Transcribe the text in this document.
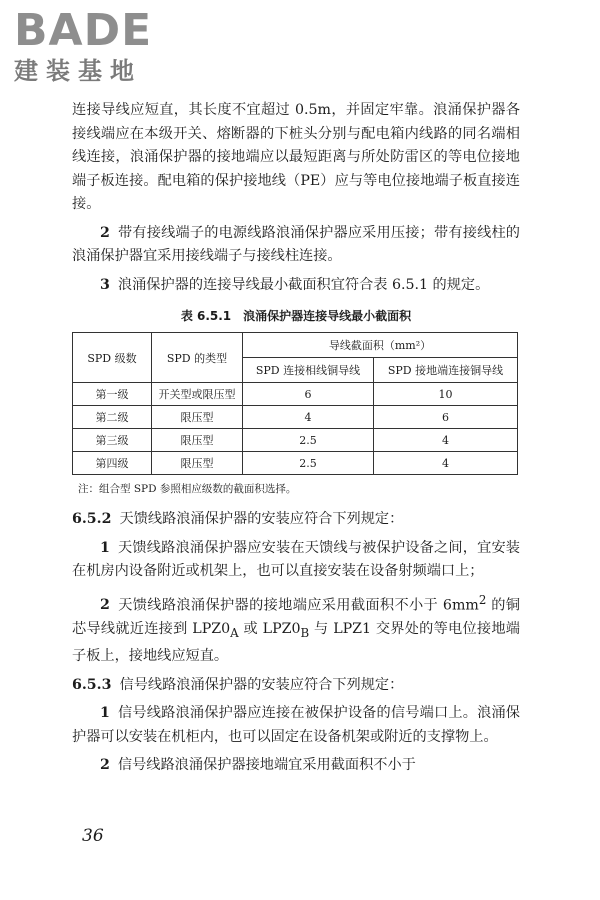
BADE
建装基地

连接导线应短直，其长度不宜超过 0.5m，并固定牢靠。浪涌保护器各接线端应在本级开关、熔断器的下桩头分别与配电箱内线路的同名端相线连接，浪涌保护器的接地端应以最短距离与所处防雷区的等电位接地端子板连接。配电箱的保护接地线（PE）应与等电位接地端子板直接连接。

2 带有接线端子的电源线路浪涌保护器应采用压接；带有接线柱的浪涌保护器宜采用接线端子与接线柱连接。

3 浪涌保护器的连接导线最小截面积宜符合表 6.5.1 的规定。

表 6.5.1　浪涌保护器连接导线最小截面积
SPD 级数	SPD 的类型	导线截面积（mm²）	
		SPD 连接相线铜导线	SPD 接地端连接铜导线
第一级	开关型或限压型	6	10
第二级	限压型	4	6
第三级	限压型	2.5	4
第四级	限压型	2.5	4
注：组合型 SPD 参照相应级数的截面积选择。

6.5.2 天馈线路浪涌保护器的安装应符合下列规定：

1 天馈线路浪涌保护器应安装在天馈线与被保护设备之间，宜安装在机房内设备附近或机架上，也可以直接安装在设备射频端口上；

2 天馈线路浪涌保护器的接地端应采用截面积不小于 $6mm^2$ 的铜芯导线就近连接到 $LPZ0_A$ 或 $LPZ0_B$ 与 LPZ1 交界处的等电位接地端子板上，接地线应短直。

6.5.3 信号线路浪涌保护器的安装应符合下列规定：

1 信号线路浪涌保护器应连接在被保护设备的信号端口上。浪涌保护器可以安装在机柜内，也可以固定在设备机架或附近的支撑物上。

2 信号线路浪涌保护器接地端宜采用截面积不小于

36
